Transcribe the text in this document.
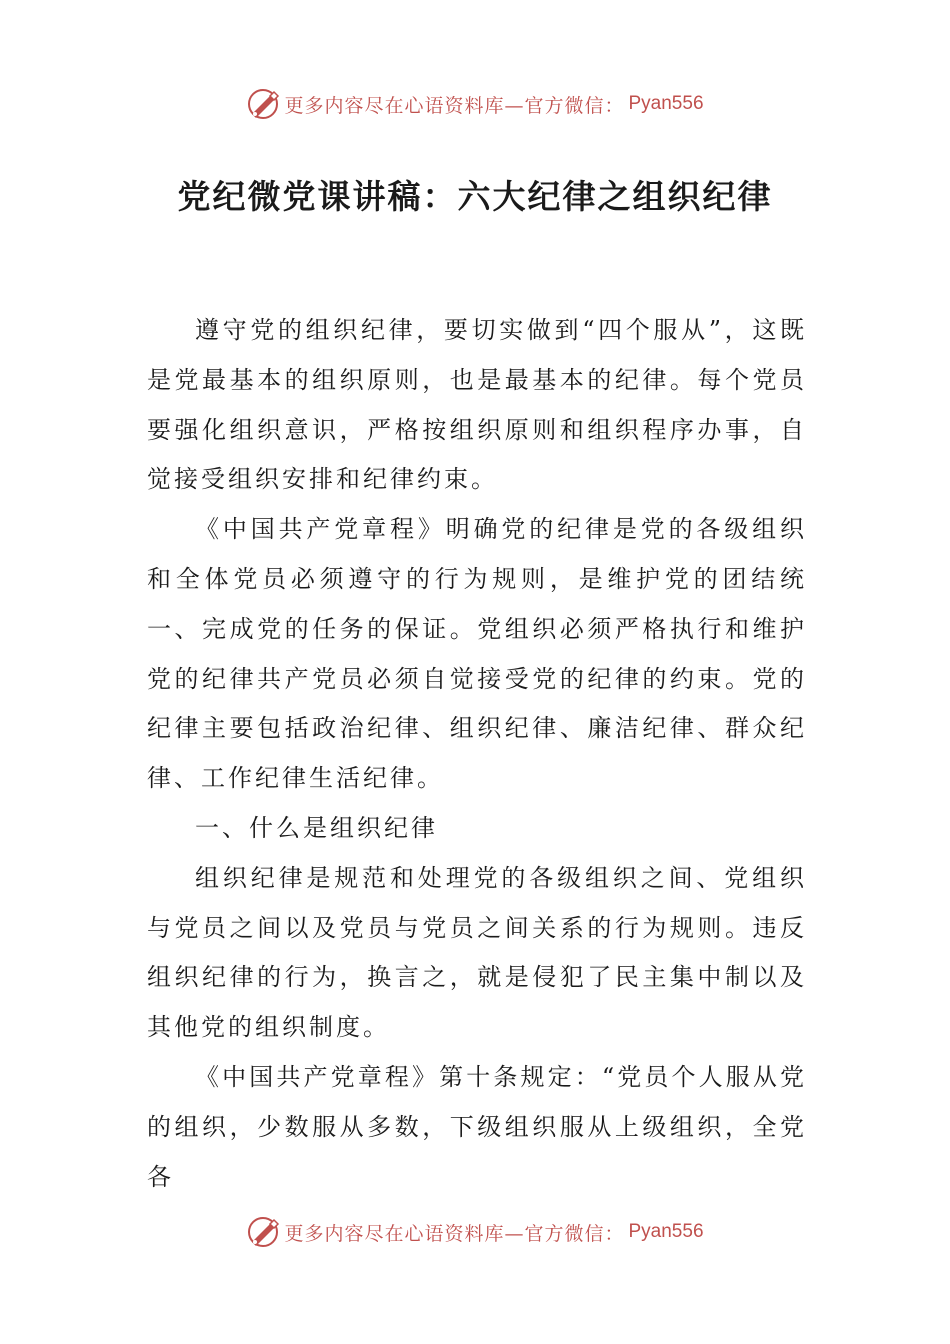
更多内容尽在心语资料库—官方微信： Pyan556
党纪微党课讲稿：六大纪律之组织纪律

遵守党的组织纪律，要切实做到“四个服从”，这既是党最基本的组织原则，也是最基本的纪律。每个党员要强化组织意识，严格按组织原则和组织程序办事，自觉接受组织安排和纪律约束。

《中国共产党章程》明确党的纪律是党的各级组织和全体党员必须遵守的行为规则，是维护党的团结统一、完成党的任务的保证。党组织必须严格执行和维护党的纪律共产党员必须自觉接受党的纪律的约束。党的纪律主要包括政治纪律、组织纪律、廉洁纪律、群众纪律、工作纪律生活纪律。

一、什么是组织纪律

组织纪律是规范和处理党的各级组织之间、党组织与党员之间以及党员与党员之间关系的行为规则。违反组织纪律的行为，换言之，就是侵犯了民主集中制以及其他党的组织制度。

《中国共产党章程》第十条规定：“党员个人服从党的组织，少数服从多数，下级组织服从上级组织，全党各

更多内容尽在心语资料库—官方微信： Pyan556
